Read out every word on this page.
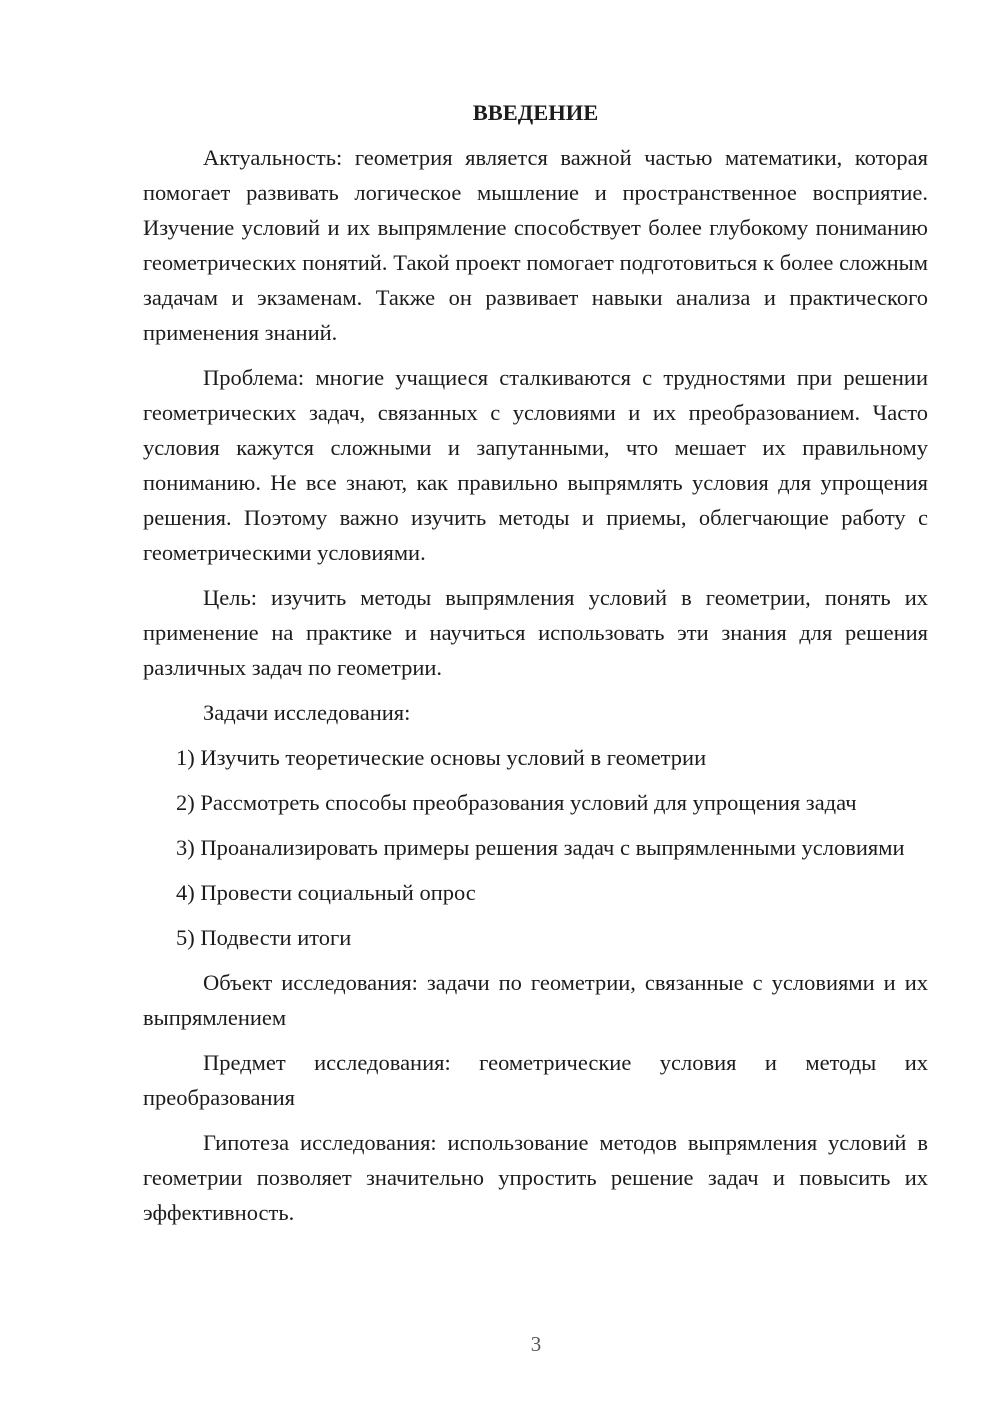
ВВЕДЕНИЕ

Актуальность: геометрия является важной частью математики, которая помогает развивать логическое мышление и пространственное восприятие. Изучение условий и их выпрямление способствует более глубокому пониманию геометрических понятий. Такой проект помогает подготовиться к более сложным задачам и экзаменам. Также он развивает навыки анализа и практического применения знаний.

Проблема: многие учащиеся сталкиваются с трудностями при решении геометрических задач, связанных с условиями и их преобразованием. Часто условия кажутся сложными и запутанными, что мешает их правильному пониманию. Не все знают, как правильно выпрямлять условия для упрощения решения. Поэтому важно изучить методы и приемы, облегчающие работу с геометрическими условиями.

Цель: изучить методы выпрямления условий в геометрии, понять их применение на практике и научиться использовать эти знания для решения различных задач по геометрии.

Задачи исследования:

1) Изучить теоретические основы условий в геометрии

2) Рассмотреть способы преобразования условий для упрощения задач

3) Проанализировать примеры решения задач с выпрямленными условиями

4) Провести социальный опрос

5) Подвести итоги

Объект исследования: задачи по геометрии, связанные с условиями и их выпрямлением

Предмет исследования: геометрические условия и методы их преобразования

Гипотеза исследования: использование методов выпрямления условий в геометрии позволяет значительно упростить решение задач и повысить их эффективность.

3
